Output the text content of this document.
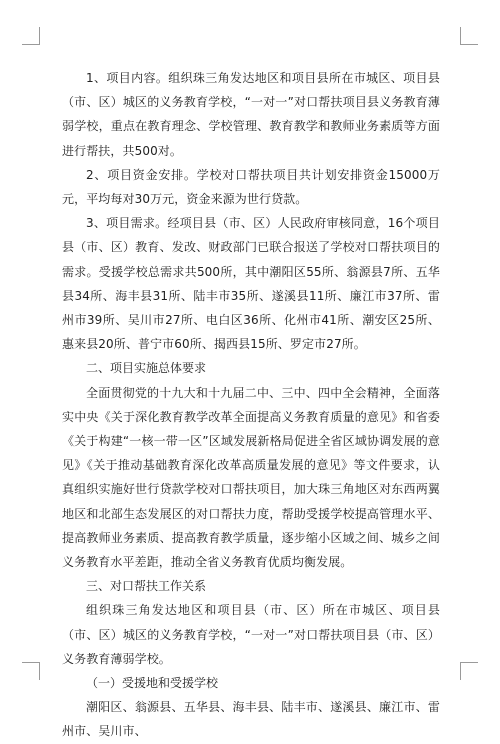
1、项目内容。组织珠三角发达地区和项目县所在市城区、项目县（市、区）城区的义务教育学校，“一对一”对口帮扶项目县义务教育薄弱学校，重点在教育理念、学校管理、教育教学和教师业务素质等方面进行帮扶，共500对。

2、项目资金安排。学校对口帮扶项目共计划安排资金15000万元，平均每对30万元，资金来源为世行贷款。

3、项目需求。经项目县（市、区）人民政府审核同意，16个项目县（市、区）教育、发改、财政部门已联合报送了学校对口帮扶项目的需求。受援学校总需求共500所，其中潮阳区55所、翁源县7所、五华县34所、海丰县31所、陆丰市35所、遂溪县11所、廉江市37所、雷州市39所、吴川市27所、电白区36所、化州市41所、潮安区25所、惠来县20所、普宁市60所、揭西县15所、罗定市27所。

二、项目实施总体要求

全面贯彻党的十九大和十九届二中、三中、四中全会精神，全面落实中央《关于深化教育教学改革全面提高义务教育质量的意见》和省委《关于构建“一核一带一区”区域发展新格局促进全省区域协调发展的意见》《关于推动基础教育深化改革高质量发展的意见》等文件要求，认真组织实施好世行贷款学校对口帮扶项目，加大珠三角地区对东西两翼地区和北部生态发展区的对口帮扶力度，帮助受援学校提高管理水平、提高教师业务素质、提高教育教学质量，逐步缩小区域之间、城乡之间义务教育水平差距，推动全省义务教育优质均衡发展。

三、对口帮扶工作关系

组织珠三角发达地区和项目县（市、区）所在市城区、项目县（市、区）城区的义务教育学校，“一对一”对口帮扶项目县（市、区）义务教育薄弱学校。

（一）受援地和受援学校

潮阳区、翁源县、五华县、海丰县、陆丰市、遂溪县、廉江市、雷州市、吴川市、
